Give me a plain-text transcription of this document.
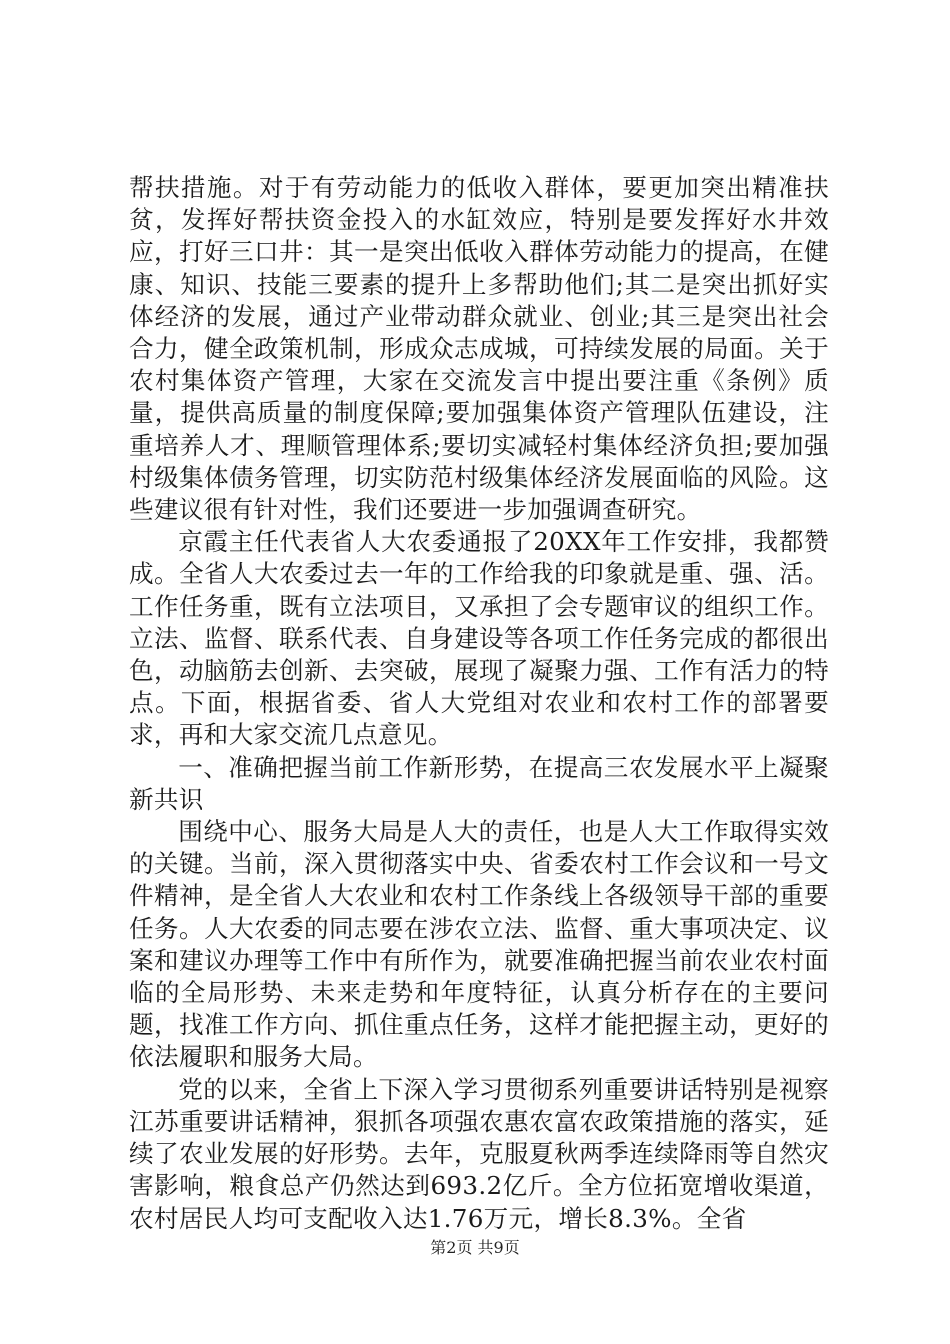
帮扶措施。对于有劳动能力的低收入群体，要更加突出精准扶贫，发挥好帮扶资金投入的水缸效应，特别是要发挥好水井效应，打好三口井：其一是突出低收入群体劳动能力的提高，在健康、知识、技能三要素的提升上多帮助他们;其二是突出抓好实体经济的发展，通过产业带动群众就业、创业;其三是突出社会合力，健全政策机制，形成众志成城，可持续发展的局面。关于农村集体资产管理，大家在交流发言中提出要注重《条例》质量，提供高质量的制度保障;要加强集体资产管理队伍建设，注重培养人才、理顺管理体系;要切实减轻村集体经济负担;要加强村级集体债务管理，切实防范村级集体经济发展面临的风险。这些建议很有针对性，我们还要进一步加强调查研究。

京霞主任代表省人大农委通报了20XX年工作安排，我都赞成。全省人大农委过去一年的工作给我的印象就是重、强、活。工作任务重，既有立法项目，又承担了会专题审议的组织工作。立法、监督、联系代表、自身建设等各项工作任务完成的都很出色，动脑筋去创新、去突破，展现了凝聚力强、工作有活力的特点。下面，根据省委、省人大党组对农业和农村工作的部署要求，再和大家交流几点意见。

一、准确把握当前工作新形势，在提高三农发展水平上凝聚新共识

围绕中心、服务大局是人大的责任，也是人大工作取得实效的关键。当前，深入贯彻落实中央、省委农村工作会议和一号文件精神，是全省人大农业和农村工作条线上各级领导干部的重要任务。人大农委的同志要在涉农立法、监督、重大事项决定、议案和建议办理等工作中有所作为，就要准确把握当前农业农村面临的全局形势、未来走势和年度特征，认真分析存在的主要问题，找准工作方向、抓住重点任务，这样才能把握主动，更好的依法履职和服务大局。

党的以来，全省上下深入学习贯彻系列重要讲话特别是视察江苏重要讲话精神，狠抓各项强农惠农富农政策措施的落实，延续了农业发展的好形势。去年，克服夏秋两季连续降雨等自然灾害影响，粮食总产仍然达到693.2亿斤。全方位拓宽增收渠道，农村居民人均可支配收入达1.76万元，增长8.3%。全省

第2页 共9页
